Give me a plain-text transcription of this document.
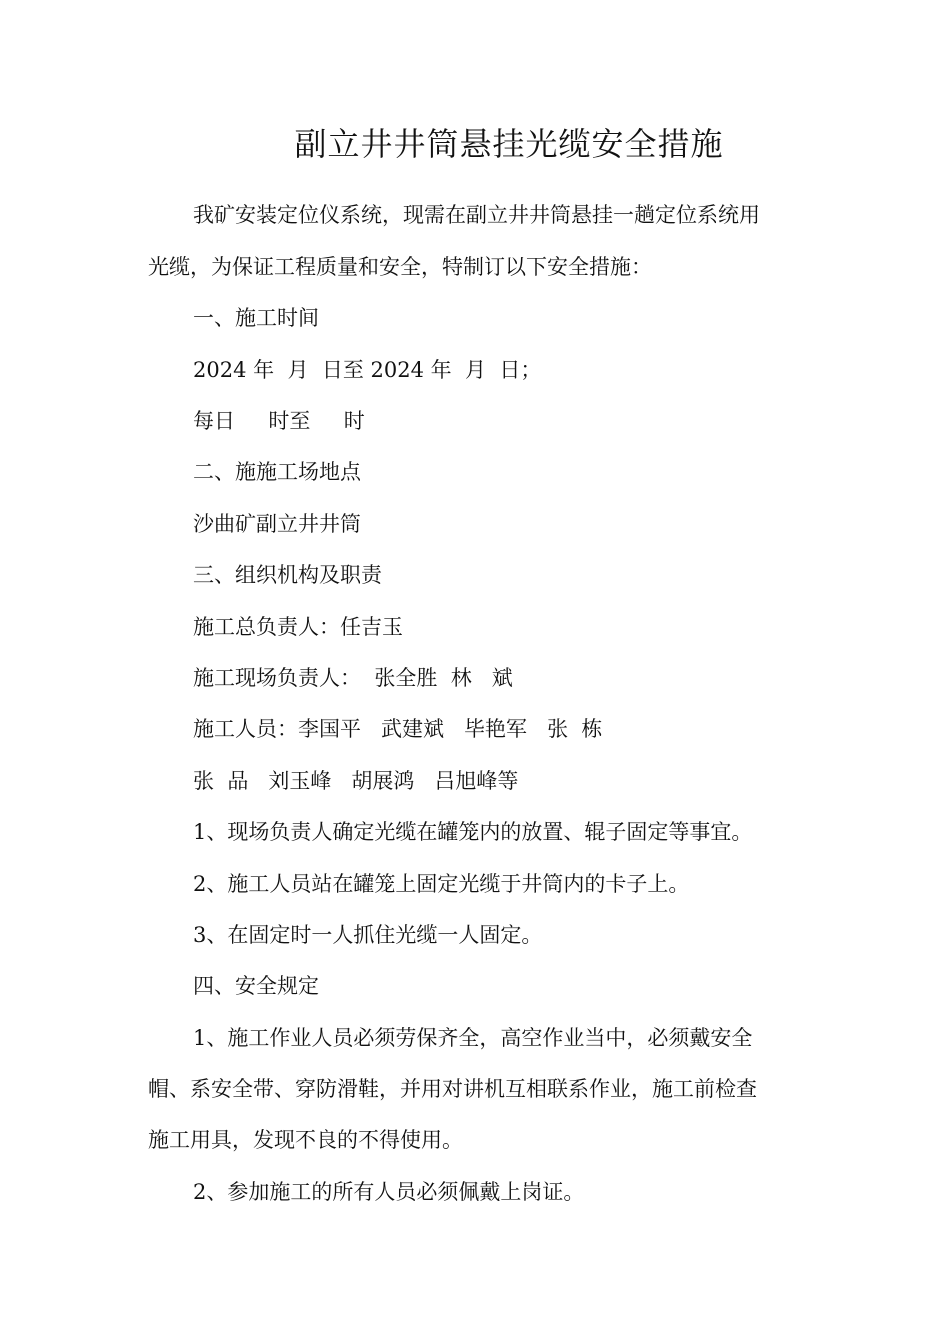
副立井井筒悬挂光缆安全措施
我矿安装定位仪系统，现需在副立井井筒悬挂一趟定位系统用
光缆，为保证工程质量和安全，特制订以下安全措施：
一、施工时间
2024 年  月  日至 2024 年  月  日；
每日     时至     时
二、施施工场地点
沙曲矿副立井井筒
三、组织机构及职责
施工总负责人：任吉玉
施工现场负责人：  张全胜  林   斌
施工人员：李国平   武建斌   毕艳军   张  栋
张  品   刘玉峰   胡展鸿   吕旭峰等
1、现场负责人确定光缆在罐笼内的放置、辊子固定等事宜。
2、施工人员站在罐笼上固定光缆于井筒内的卡子上。
3、在固定时一人抓住光缆一人固定。
四、安全规定
1、施工作业人员必须劳保齐全，高空作业当中，必须戴安全
帽、系安全带、穿防滑鞋，并用对讲机互相联系作业，施工前检查
施工用具，发现不良的不得使用。
2、参加施工的所有人员必须佩戴上岗证。
